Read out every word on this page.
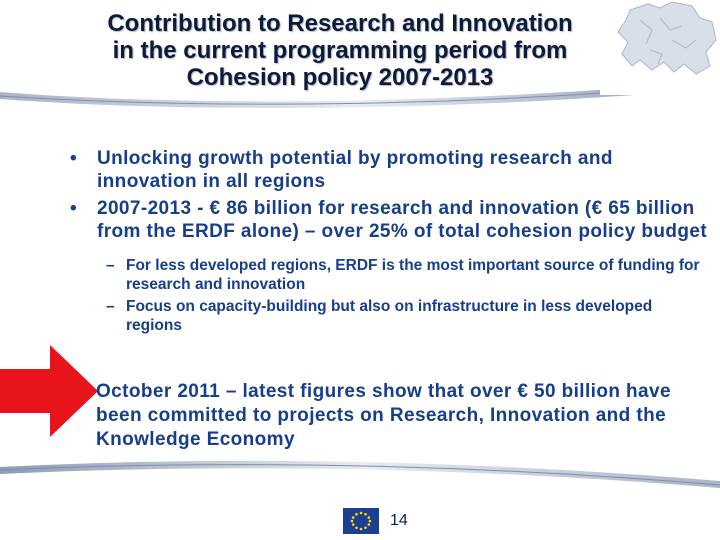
Contribution to Research and Innovation
in the current programming period from
Cohesion policy 2007-2013
• Unlocking growth potential by promoting research and innovation in all regions
• 2007-2013 - € 86 billion for research and innovation (€ 65 billion from the ERDF alone) – over 25% of total cohesion policy budget
– For less developed regions, ERDF is the most important source of funding for research and innovation
– Focus on capacity-building but also on infrastructure in less developed regions
October 2011 – latest figures show that over € 50 billion have been committed to projects on Research, Innovation and the Knowledge Economy
14
